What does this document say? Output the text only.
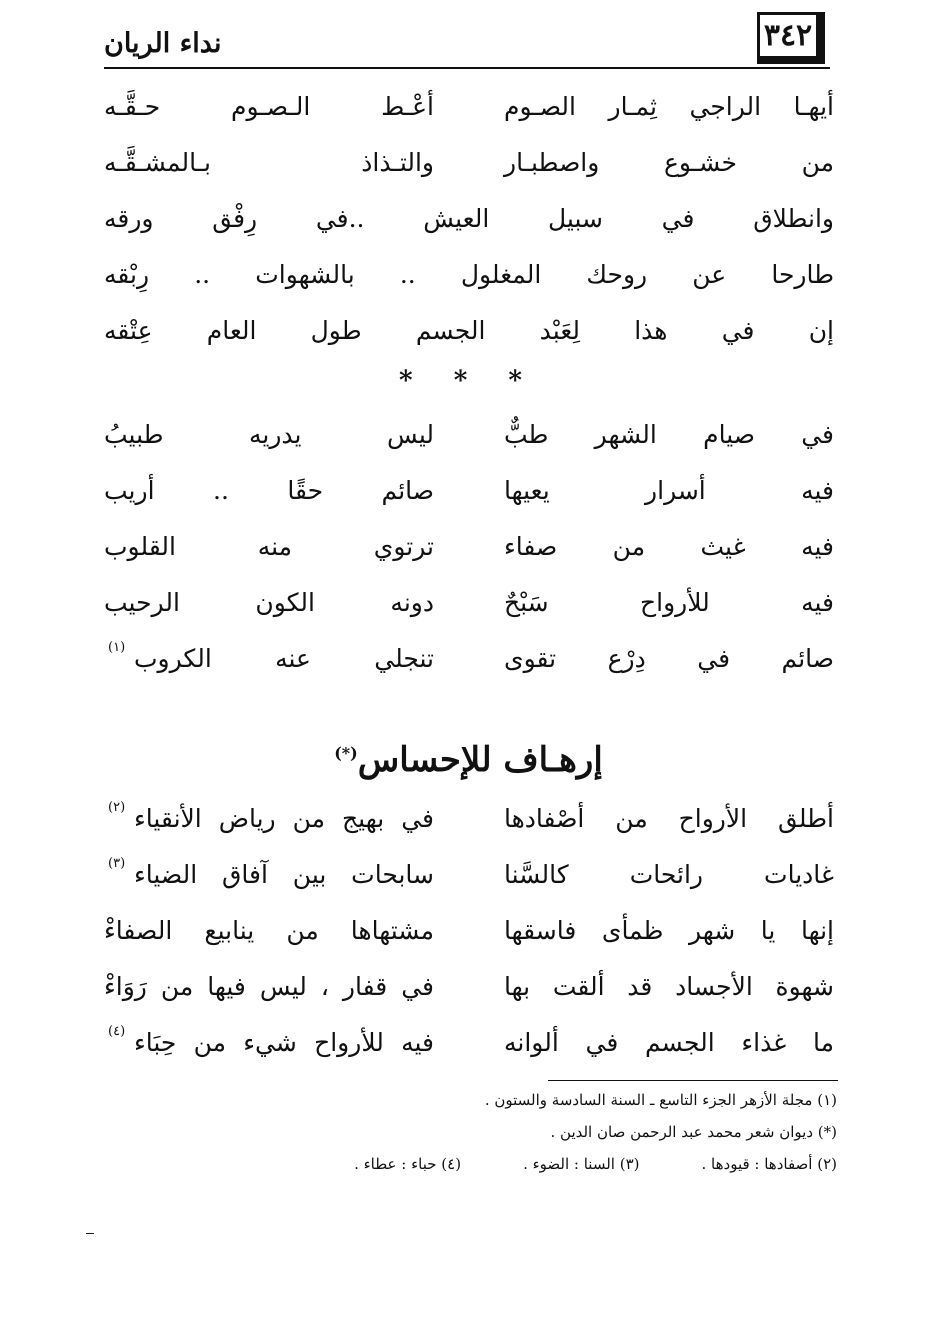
نداء الريان	٣٤٢
أيهـا الراجي ثِمـار الصـوم
أعْـط الـصـوم حـقَّـه
من خشـوع واصطبـار
والتـذاذ بـالمشـقَّـه
وانطلاق في سبيل العيش ..في رِفْق ورقه
طارحا عن روحك المغلول .. بالشهوات .. رِبْقه
إن في هذا لِعَبْد الجسم طول العام عِتْقه
* * *
في صيام الشهر طبٌّ
ليس يدريه طبيبُ
فيه أسرار يعيها
صائم حقًا .. أريب
فيه غيث من صفاء
ترتوي منه القلوب
فيه للأرواح سَبْحٌ
دونه الكون الرحيب
صائم في دِرْع تقوى
تنجلي عنه الكروب
(١)
إرهـاف للإحساس(*)
أطلق الأرواح من أصْفادها
في بهيج من رياض الأنقياء
(٢)
غاديات رائحات كالسَّنا
سابحات بين آفاق الضياء
(٣)
إنها يا شهر ظمأى فاسقها
مشتهاها من ينابيع الصفاءْ
شهوة الأجساد قد ألقت بها
في قفار ، ليس فيها من رَوَاءْ
ما غذاء الجسم في ألوانه
فيه للأرواح شيء من حِبَاء
(٤)
(١) مجلة الأزهر الجزء التاسع ـ السنة السادسة والستون .
(*) ديوان شعر محمد عبد الرحمن صان الدين .
(٢) أصفادها : قيودها .
(٣) السنا : الضوء .
(٤) حباء : عطاء .
